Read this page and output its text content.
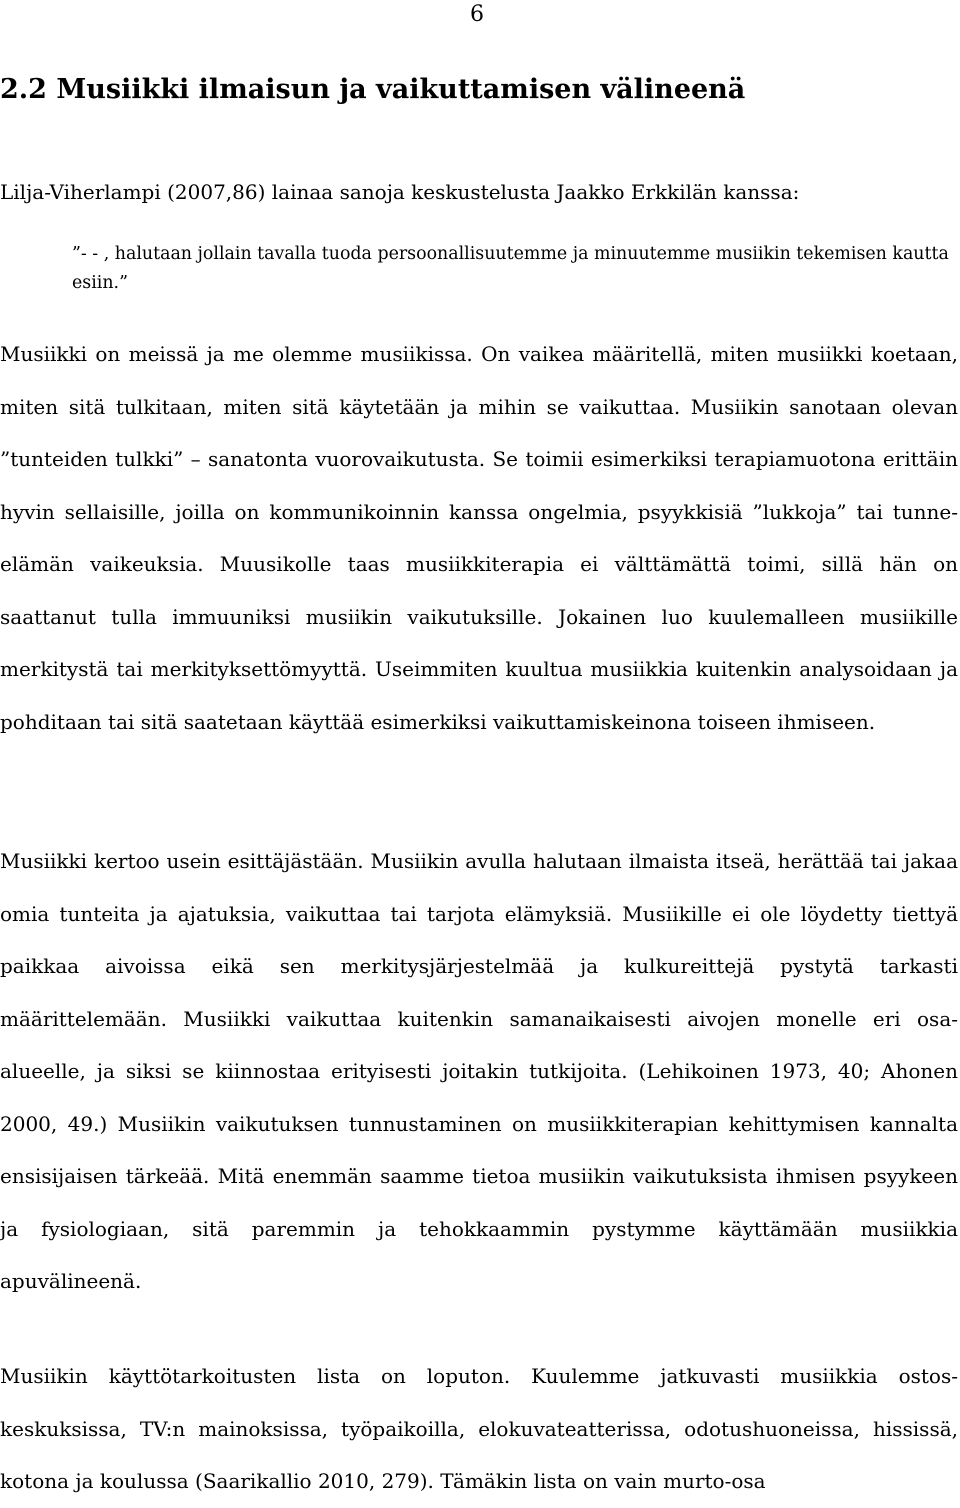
6
2.2 Musiikki ilmaisun ja vaikuttamisen välineenä
Lilja-Viherlampi (2007,86) lainaa sanoja keskustelusta Jaakko Erkkilän kanssa:
”- - , halutaan jollain tavalla tuoda persoonallisuutemme ja minuutemme musiikin tekemisen kautta esiin.”

Musiikki on meissä ja me olemme musiikissa. On vaikea määritellä, miten musiikki koetaan, miten sitä tulkitaan, miten sitä käytetään ja mihin se vaikuttaa. Musiikin sanotaan olevan ”tunteiden tulkki” – sanatonta vuorovaikutusta. Se toimii esimerkiksi terapiamuotona erittäin hyvin sellaisille, joilla on kommunikoinnin kanssa ongelmia, psyykkisiä ”lukkoja” tai tunne-elämän vaikeuksia. Muusikolle taas musiikkiterapia ei välttämättä toimi, sillä hän on saattanut tulla immuuniksi musiikin vaikutuksille. Jokainen luo kuulemalleen musiikille merkitystä tai merkityksettömyyttä. Useimmiten kuultua musiikkia kuitenkin analysoidaan ja pohditaan tai sitä saatetaan käyttää esimerkiksi vaikuttamiskeinona toiseen ihmiseen.

Musiikki kertoo usein esittäjästään. Musiikin avulla halutaan ilmaista itseä, herättää tai jakaa omia tunteita ja ajatuksia, vaikuttaa tai tarjota elämyksiä. Musiikille ei ole löydetty tiettyä paikkaa aivoissa eikä sen merkitysjärjestelmää ja kulkureittejä pystytä tarkasti määrittelemään. Musiikki vaikuttaa kuitenkin samanaikaisesti aivojen monelle eri osa-alueelle, ja siksi se kiinnostaa erityisesti joitakin tutkijoita. (Lehikoinen 1973, 40; Ahonen 2000, 49.) Musiikin vaikutuksen tunnustaminen on musiikkiterapian kehittymisen kannalta ensisijaisen tärkeää. Mitä enemmän saamme tietoa musiikin vaikutuksista ihmisen psyykeen ja fysiologiaan, sitä paremmin ja tehokkaammin pystymme käyttämään musiikkia apuvälineenä.

Musiikin käyttötarkoitusten lista on loputon. Kuulemme jatkuvasti musiikkia ostoskeskuksissa, TV:n mainoksissa, työpaikoilla, elokuvateatterissa, odotushuoneissa, hississä, kotona ja koulussa (Saarikallio 2010, 279). Tämäkin lista on vain murto-osa
